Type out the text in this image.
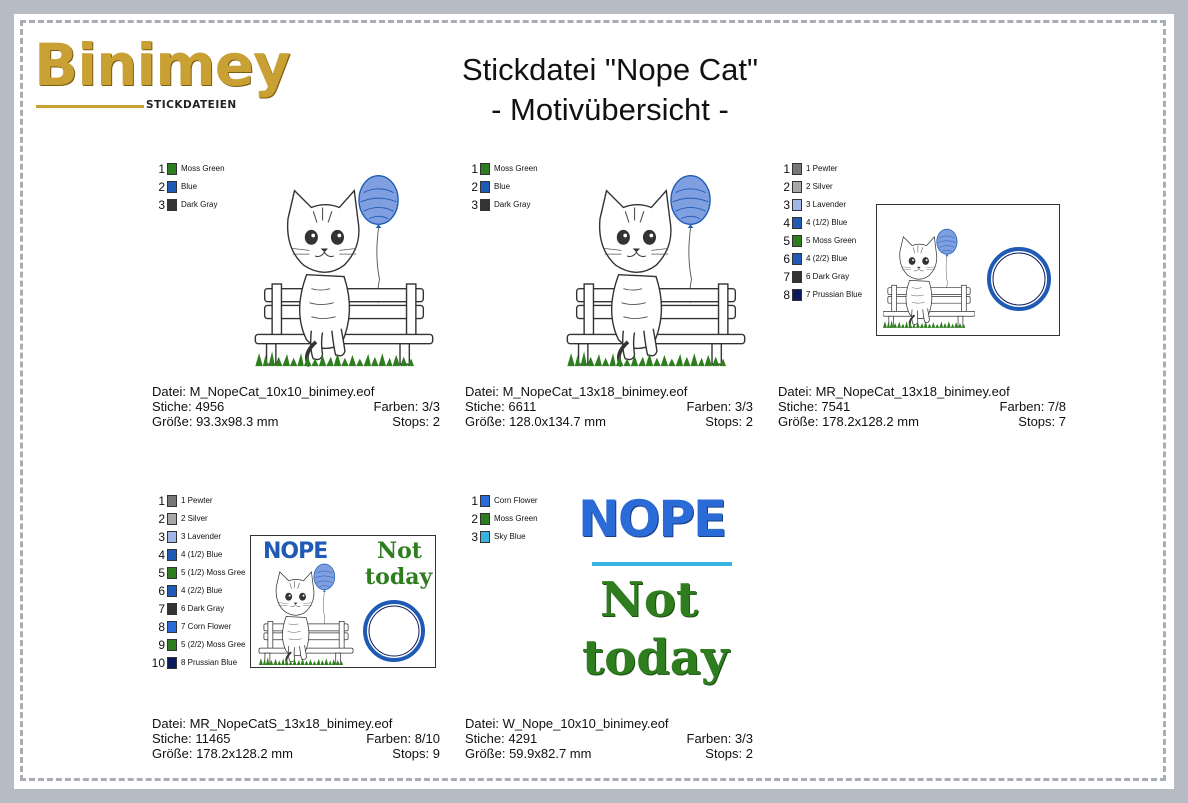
Binimey
STICKDATEIEN
Stickdatei "Nope Cat"
- Motivübersicht -
1 Moss Green
2 Blue
3 Dark Gray
Datei: M_NopeCat_10x10_binimey.eof
Stiche: 4956	Farben: 3/3
Größe: 93.3x98.3 mm	Stops: 2
1 Moss Green
2 Blue
3 Dark Gray
Datei: M_NopeCat_13x18_binimey.eof
Stiche: 6611	Farben: 3/3
Größe: 128.0x134.7 mm	Stops: 2
1 1 Pewter
2 2 Silver
3 3 Lavender
4 4 (1/2) Blue
5 5 Moss Green
6 4 (2/2) Blue
7 6 Dark Gray
8 7 Prussian Blue
Datei: MR_NopeCat_13x18_binimey.eof
Stiche: 7541	Farben: 7/8
Größe: 178.2x128.2 mm	Stops: 7
1 1 Pewter
2 2 Silver
3 3 Lavender
4 4 (1/2) Blue
5 5 (1/2) Moss Gree
6 4 (2/2) Blue
7 6 Dark Gray
8 7 Corn Flower
9 5 (2/2) Moss Gree
10 8 Prussian Blue
NOPE Not
today
Datei: MR_NopeCatS_13x18_binimey.eof
Stiche: 11465	Farben: 8/10
Größe: 178.2x128.2 mm	Stops: 9
1 Corn Flower
2 Moss Green
3 Sky Blue NOPE
Not
today
Datei: W_Nope_10x10_binimey.eof
Stiche: 4291	Farben: 3/3
Größe: 59.9x82.7 mm	Stops: 2
